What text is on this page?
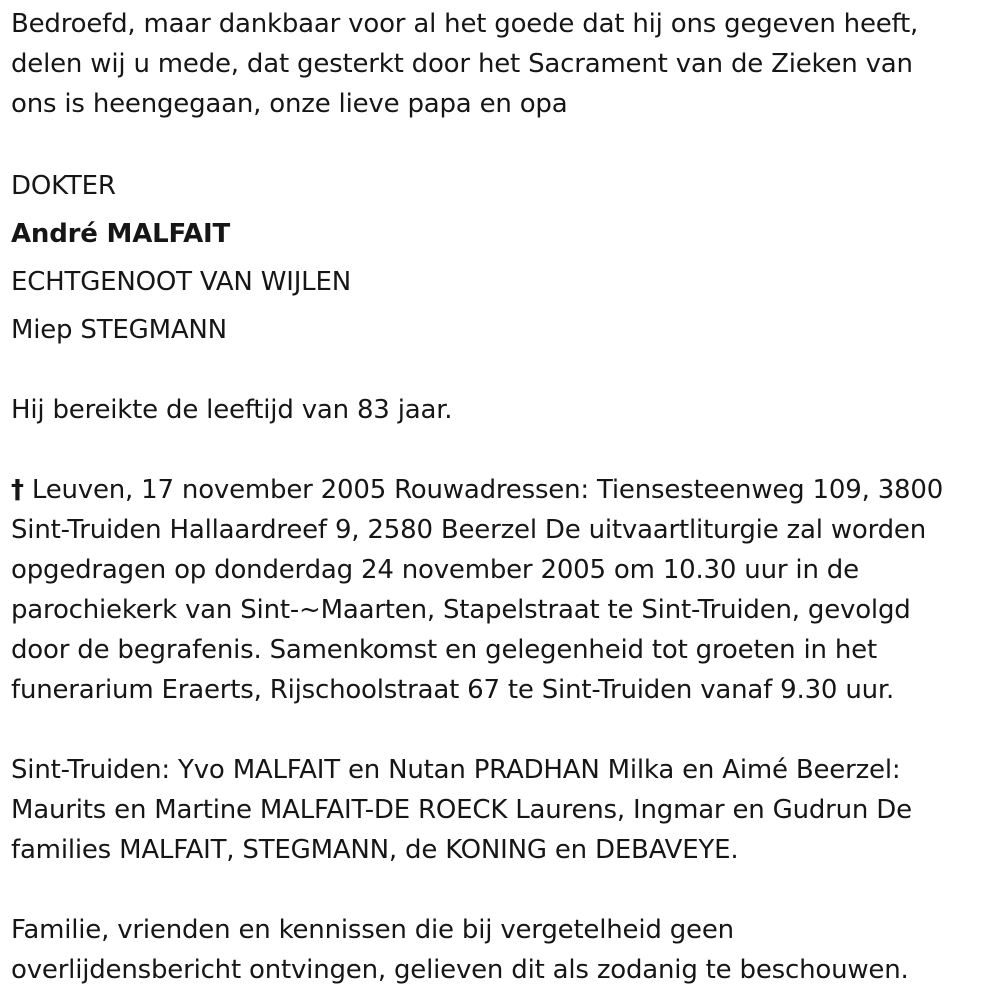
Bedroefd, maar dankbaar voor al het goede dat hij ons gegeven heeft,
delen wij u mede, dat gesterkt door het Sacrament van de Zieken van
ons is heengegaan, onze lieve papa en opa
DOKTER
André MALFAIT
ECHTGENOOT VAN WIJLEN
Miep STEGMANN
Hij bereikte de leeftijd van 83 jaar.
† Leuven, 17 november 2005 Rouwadressen: Tiensesteenweg 109, 3800
Sint-Truiden Hallaardreef 9, 2580 Beerzel De uitvaartliturgie zal worden
opgedragen op donderdag 24 november 2005 om 10.30 uur in de
parochiekerk van Sint-~Maarten, Stapelstraat te Sint-Truiden, gevolgd
door de begrafenis. Samenkomst en gelegenheid tot groeten in het
funerarium Eraerts, Rijschoolstraat 67 te Sint-Truiden vanaf 9.30 uur.
Sint-Truiden: Yvo MALFAIT en Nutan PRADHAN Milka en Aimé Beerzel:
Maurits en Martine MALFAIT-DE ROECK Laurens, Ingmar en Gudrun De
families MALFAIT, STEGMANN, de KONING en DEBAVEYE.
Familie, vrienden en kennissen die bij vergetelheid geen
overlijdensbericht ontvingen, gelieven dit als zodanig te beschouwen.
